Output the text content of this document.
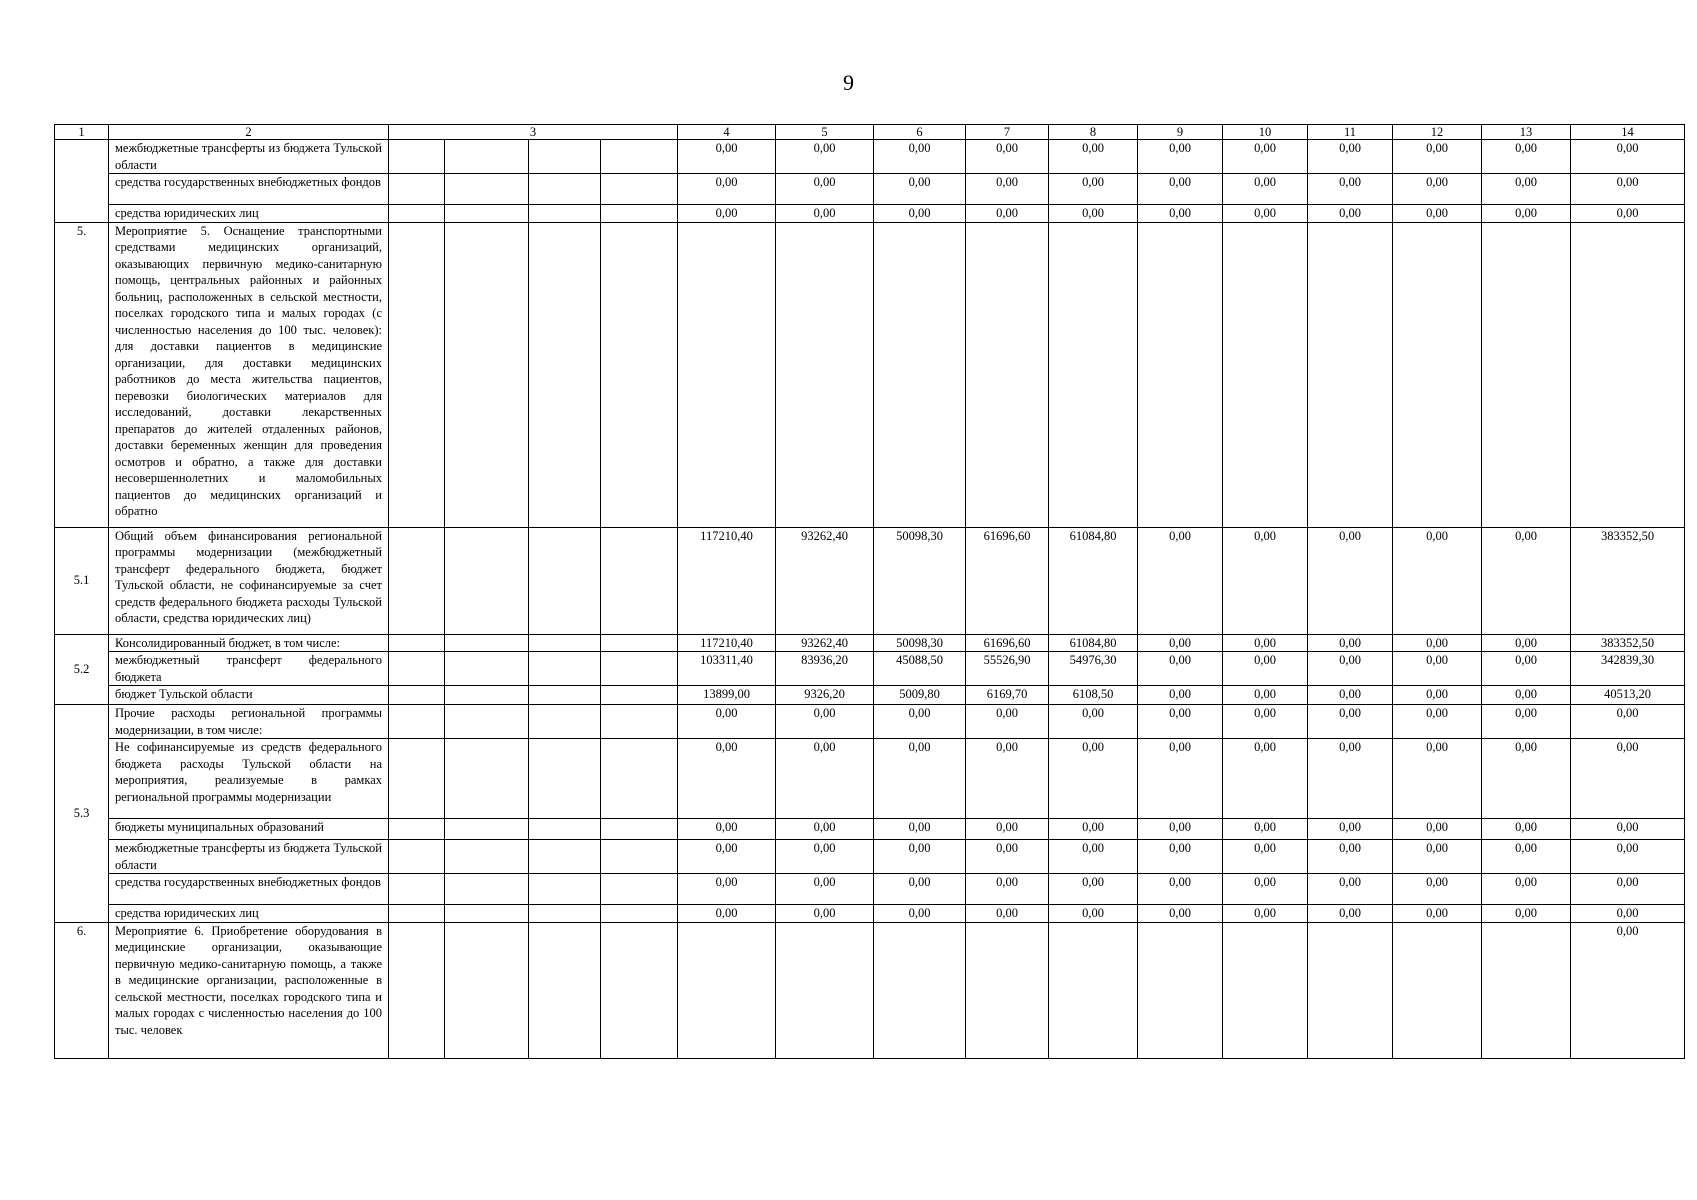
9
1	2	3				4	5	6	7	8	9	10	11	12	13	14
	межбюджетные трансферты из бюджета Тульской области					0,00	0,00	0,00	0,00	0,00	0,00	0,00	0,00	0,00	0,00	0,00
	средства государственных внебюджетных фондов					0,00	0,00	0,00	0,00	0,00	0,00	0,00	0,00	0,00	0,00	0,00
	средства юридических лиц					0,00	0,00	0,00	0,00	0,00	0,00	0,00	0,00	0,00	0,00	0,00
5.	Мероприятие 5. Оснащение транспортными средствами медицинских организаций, оказывающих первичную медико-санитарную помощь, центральных районных и районных больниц, расположенных в сельской местности, поселках городского типа и малых городах (с численностью населения до 100 тыс. человек): для доставки пациентов в медицинские организации, для доставки медицинских работников до места жительства пациентов, перевозки биологических материалов для исследований, доставки лекарственных препаратов до жителей отдаленных районов, доставки беременных женщин для проведения осмотров и обратно, а также для доставки несовершеннолетних и маломобильных пациентов до медицинских организаций и обратно															
5.1	Общий объем финансирования региональной программы модернизации (межбюджетный трансферт федерального бюджета, бюджет Тульской области, не софинансируемые за счет средств федерального бюджета расходы Тульской области, средства юридических лиц)					117210,40	93262,40	50098,30	61696,60	61084,80	0,00	0,00	0,00	0,00	0,00	383352,50
5.2	Консолидированный бюджет, в том числе:					117210,40	93262,40	50098,30	61696,60	61084,80	0,00	0,00	0,00	0,00	0,00	383352,50
	межбюджетный трансферт федерального бюджета					103311,40	83936,20	45088,50	55526,90	54976,30	0,00	0,00	0,00	0,00	0,00	342839,30
	бюджет Тульской области					13899,00	9326,20	5009,80	6169,70	6108,50	0,00	0,00	0,00	0,00	0,00	40513,20
5.3	Прочие расходы региональной программы модернизации, в том числе:					0,00	0,00	0,00	0,00	0,00	0,00	0,00	0,00	0,00	0,00	0,00
	Не софинансируемые из средств федерального бюджета расходы Тульской области на мероприятия, реализуемые в рамках региональной программы модернизации					0,00	0,00	0,00	0,00	0,00	0,00	0,00	0,00	0,00	0,00	0,00
	бюджеты муниципальных образований					0,00	0,00	0,00	0,00	0,00	0,00	0,00	0,00	0,00	0,00	0,00
	межбюджетные трансферты из бюджета Тульской области					0,00	0,00	0,00	0,00	0,00	0,00	0,00	0,00	0,00	0,00	0,00
	средства государственных внебюджетных фондов					0,00	0,00	0,00	0,00	0,00	0,00	0,00	0,00	0,00	0,00	0,00
	средства юридических лиц					0,00	0,00	0,00	0,00	0,00	0,00	0,00	0,00	0,00	0,00	0,00
6.	Мероприятие 6. Приобретение оборудования в медицинские организации, оказывающие первичную медико-санитарную помощь, а также в медицинские организации, расположенные в сельской местности, поселках городского типа и малых городах с численностью населения до 100 тыс. человек															0,00
